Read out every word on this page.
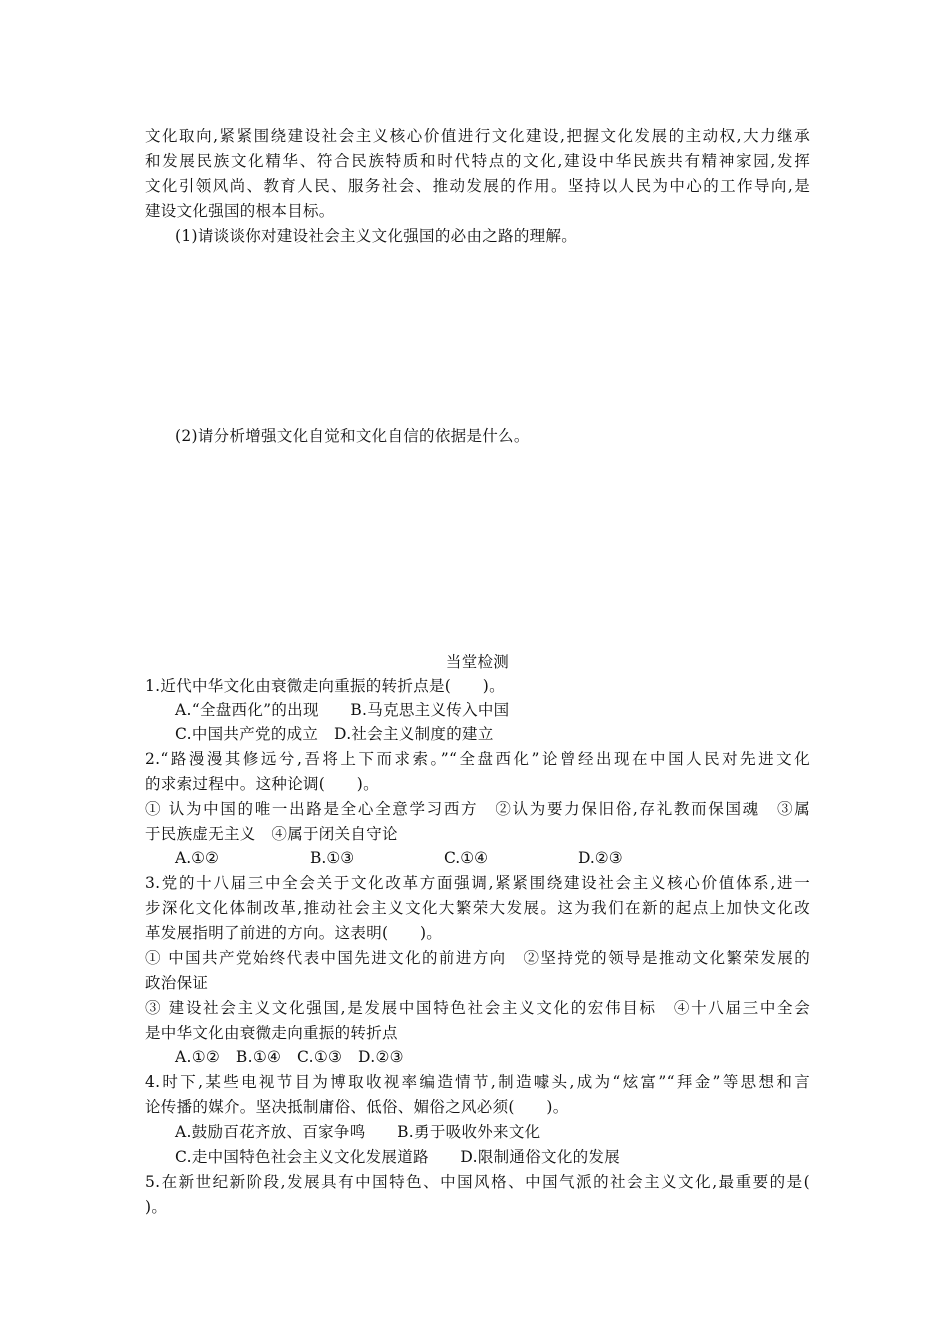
文化取向,紧紧围绕建设社会主义核心价值进行文化建设,把握文化发展的主动权,大力继承
和发展民族文化精华、符合民族特质和时代特点的文化,建设中华民族共有精神家园,发挥
文化引领风尚、教育人民、服务社会、推动发展的作用。坚持以人民为中心的工作导向,是
建设文化强国的根本目标。
(1)请谈谈你对建设社会主义文化强国的必由之路的理解。
(2)请分析增强文化自觉和文化自信的依据是什么。
当堂检测
1.近代中华文化由衰微走向重振的转折点是(　　)。
A.“全盘西化”的出现　　B.马克思主义传入中国
C.中国共产党的成立　D.社会主义制度的建立
2.“路漫漫其修远兮,吾将上下而求索。”“全盘西化”论曾经出现在中国人民对先进文化
的求索过程中。这种论调(　　)。
① 认为中国的唯一出路是全心全意学习西方　②认为要力保旧俗,存礼教而保国魂　③属
于民族虚无主义　④属于闭关自守论
A.①②	B.①③	C.①④	D.②③
3.党的十八届三中全会关于文化改革方面强调,紧紧围绕建设社会主义核心价值体系,进一
步深化文化体制改革,推动社会主义文化大繁荣大发展。这为我们在新的起点上加快文化改
革发展指明了前进的方向。这表明(　　)。
① 中国共产党始终代表中国先进文化的前进方向　②坚持党的领导是推动文化繁荣发展的
政治保证
③ 建设社会主义文化强国,是发展中国特色社会主义文化的宏伟目标　④十八届三中全会
是中华文化由衰微走向重振的转折点
A.①②　B.①④　C.①③　D.②③
4.时下,某些电视节目为博取收视率编造情节,制造噱头,成为“炫富”“拜金”等思想和言
论传播的媒介。坚决抵制庸俗、低俗、媚俗之风必须(　　)。
A.鼓励百花齐放、百家争鸣　　B.勇于吸收外来文化
C.走中国特色社会主义文化发展道路　　D.限制通俗文化的发展
5.在新世纪新阶段,发展具有中国特色、中国风格、中国气派的社会主义文化,最重要的是(
)。
